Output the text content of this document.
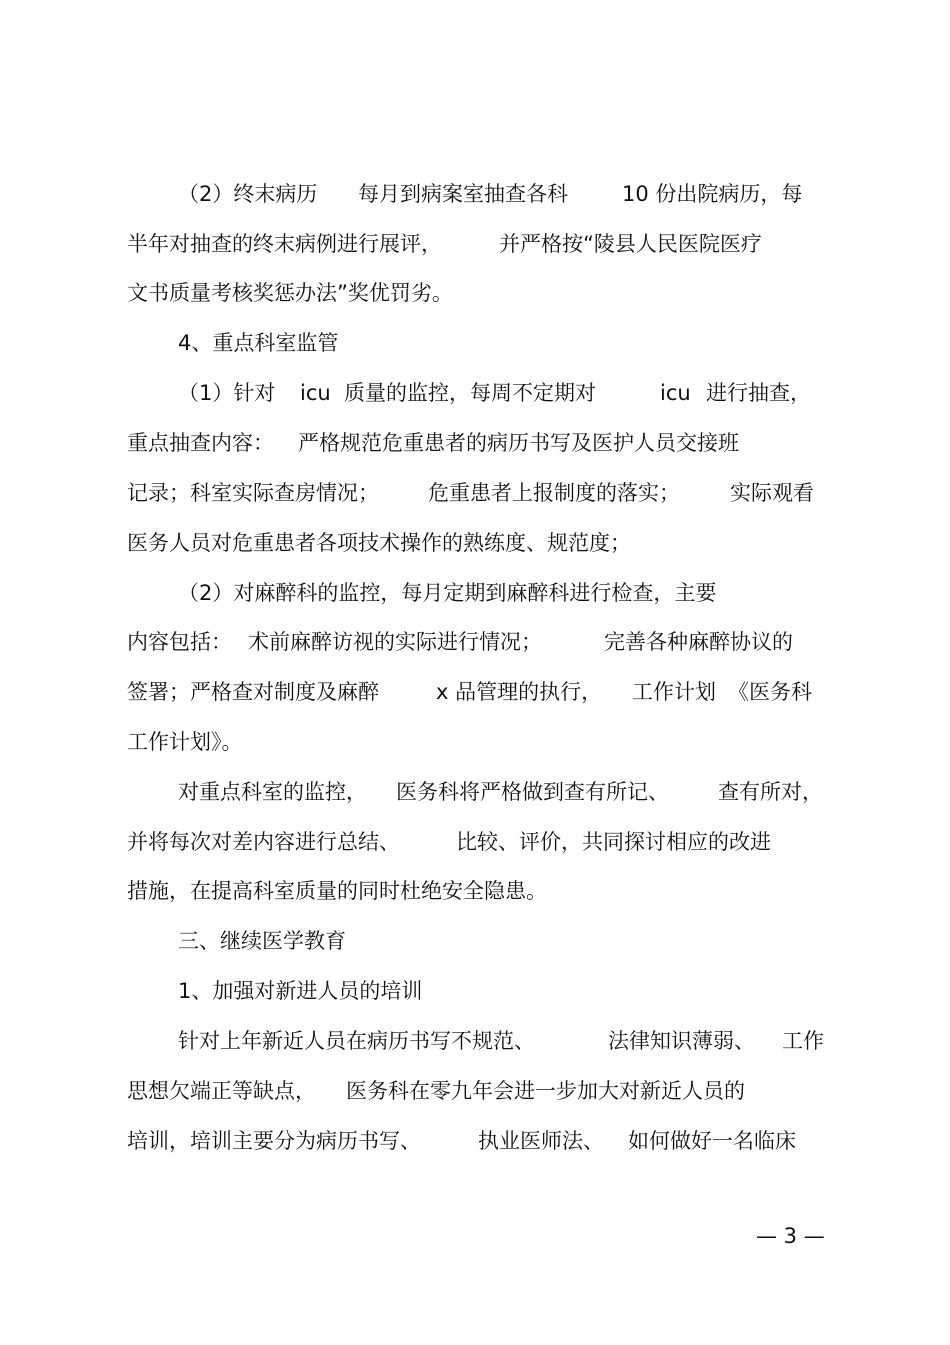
（2）终末病历

每月到病案室抽查各科

	10 份出院病历，每

半年对抽查的终末病例进行展评，

	并严格按“陵县人民医院医疗

文书质量考核奖惩办法”奖优罚劣。

4、重点科室监管

（1）针对

icu

质量的监控，每周不定期对

	icu

进行抽查，

重点抽查内容：

严格规范危重患者的病历书写及医护人员交接班

记录；科室实际查房情况；

危重患者上报制度的落实；

实际观看

医务人员对危重患者各项技术操作的熟练度、规范度；

（2）对麻醉科的监控，每月定期到麻醉科进行检查，主要

内容包括：

术前麻醉访视的实际进行情况；

	完善各种麻醉协议的

签署；严格查对制度及麻醉

	x 品管理的执行，

工作计划

《医务科

工作计划》。

对重点科室的监控，

医务科将严格做到查有所记、

查有所对，

并将每次对差内容进行总结、

	比较、评价，共同探讨相应的改进

措施，在提高科室质量的同时杜绝安全隐患。

三、继续医学教育

1、加强对新进人员的培训

针对上年新近人员在病历书写不规范、

	法律知识薄弱、

工作

思想欠端正等缺点，

医务科在零九年会进一步加大对新近人员的

培训，培训主要分为病历书写、

	执业医师法、

如何做好一名临床

— 3 —
